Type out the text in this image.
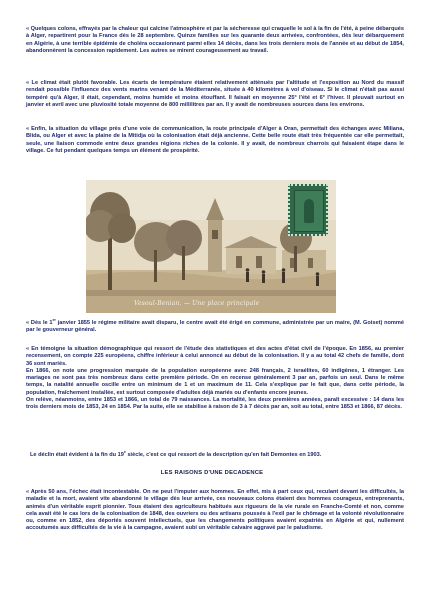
« Quelques colons, effrayés par la chaleur qui calcine l'atmosphère et par la sécheresse qui craquelle le sol à la fin de l'été, à peine débarqués à Alger, repartirent pour la France dès le 28 septembre. Quinze familles sur les quarante deux arrivées, confrontées, dès leur débarquement en Algérie, à une terrible épidémie de choléra occasionnant parmi elles 14 décès, dans les trois derniers mois de l'année et au début de 1854, abandonnèrent la concession rapidement. Les autres se mirent courageusement au travail.

« Le climat était plutôt favorable. Les écarts de température étaient relativement atténués par l'altitude et l'exposition au Nord du massif rendait possible l'influence des vents marins venant de la Méditerranée, située à 40 kilomètres à vol d'oiseau. Si le climat n'était pas aussi tempéré qu'à Alger, il était, cependant, moins humide et moins étouffant. Il faisait en moyenne 25° l'été et 6° l'hiver. Il pleuvait surtout en janvier et avril avec une pluviosité totale moyenne de 800 millilitres par an. Il y avait de nombreuses sources dans les environs.

« Enfin, la situation du village près d'une voie de communication, la route principale d'Alger à Oran, permettait des échanges avec Miliana, Blida, ou Alger et avec la plaine de la Mitidja où la colonisation était déjà ancienne. Cette belle route était très fréquentée car elle permettait, seule, une liaison commode entre deux grandes régions riches de la colonie. Il y avait, de nombreux charrois qui faisaient étape dans le village. Ce fut pendant quelques temps un élément de prospérité.

Vesoul-Benian. — Une place principale

« Dès le 1er janvier 1855 le régime militaire avait disparu, le centre avait été érigé en commune, administrée par un maire, (M. Goiset) nommé par le gouverneur général.

« En témoigne la situation démographique qui ressort de l'étude des statistiques et des actes d'état civil de l'époque. En 1856, au premier recensement, on compte 225 européens, chiffre inférieur à celui annoncé au début de la colonisation. Il y a au total 42 chefs de famille, dont 36 sont mariés.
En 1866, on note une progression marquée de la population européenne avec 248 français, 2 israélites, 60 indigènes, 1 étranger. Les mariages ne sont pas très nombreux dans cette première période. On en recense généralement 3 par an, parfois un seul. Dans le même temps, la natalité annuelle oscille entre un minimum de 1 et un maximum de 11. Cela s'explique par le fait que, dans cette période, la population, fraîchement installée, est surtout composée d'adultes déjà mariés ou d'enfants encore jeunes.
On relève, néanmoins, entre 1853 et 1866, un total de 79 naissances. La mortalité, les deux premières années, paraît excessive : 14 dans les trois derniers mois de 1853, 24 en 1854. Par la suite, elle se stabilise à raison de 3 à 7 décès par an, soit au total, entre 1853 et 1866, 87 décès.

Le déclin était évident à la fin du 19e siècle, c'est ce qui ressort de la description qu'en fait Demontes en 1903.

LES RAISONS D'UNE DECADENCE

« Après 50 ans, l'échec était incontestable. On ne peut l'imputer aux hommes. En effet, mis à part ceux qui, reculant devant les difficultés, la maladie et la mort, avaient vite abandonné le village dès leur arrivée, ces nouveaux colons étaient des hommes courageux, entreprenants, animés d'un véritable esprit pionnier. Tous étaient des agriculteurs habitués aux rigueurs de la vie rurale en Franche-Comté et non, comme cela avait été le cas lors de la colonisation de 1848, des ouvriers ou des artisans poussés à l'exil par le chômage et la volonté révolutionnaire ou, comme en 1852, des déportés souvent intellectuels, que les changements politiques avaient expatriés en Algérie et qui, nullement accoutumés aux difficultés de la vie à la campagne, avaient subi un véritable calvaire aggravé par le paludisme.
